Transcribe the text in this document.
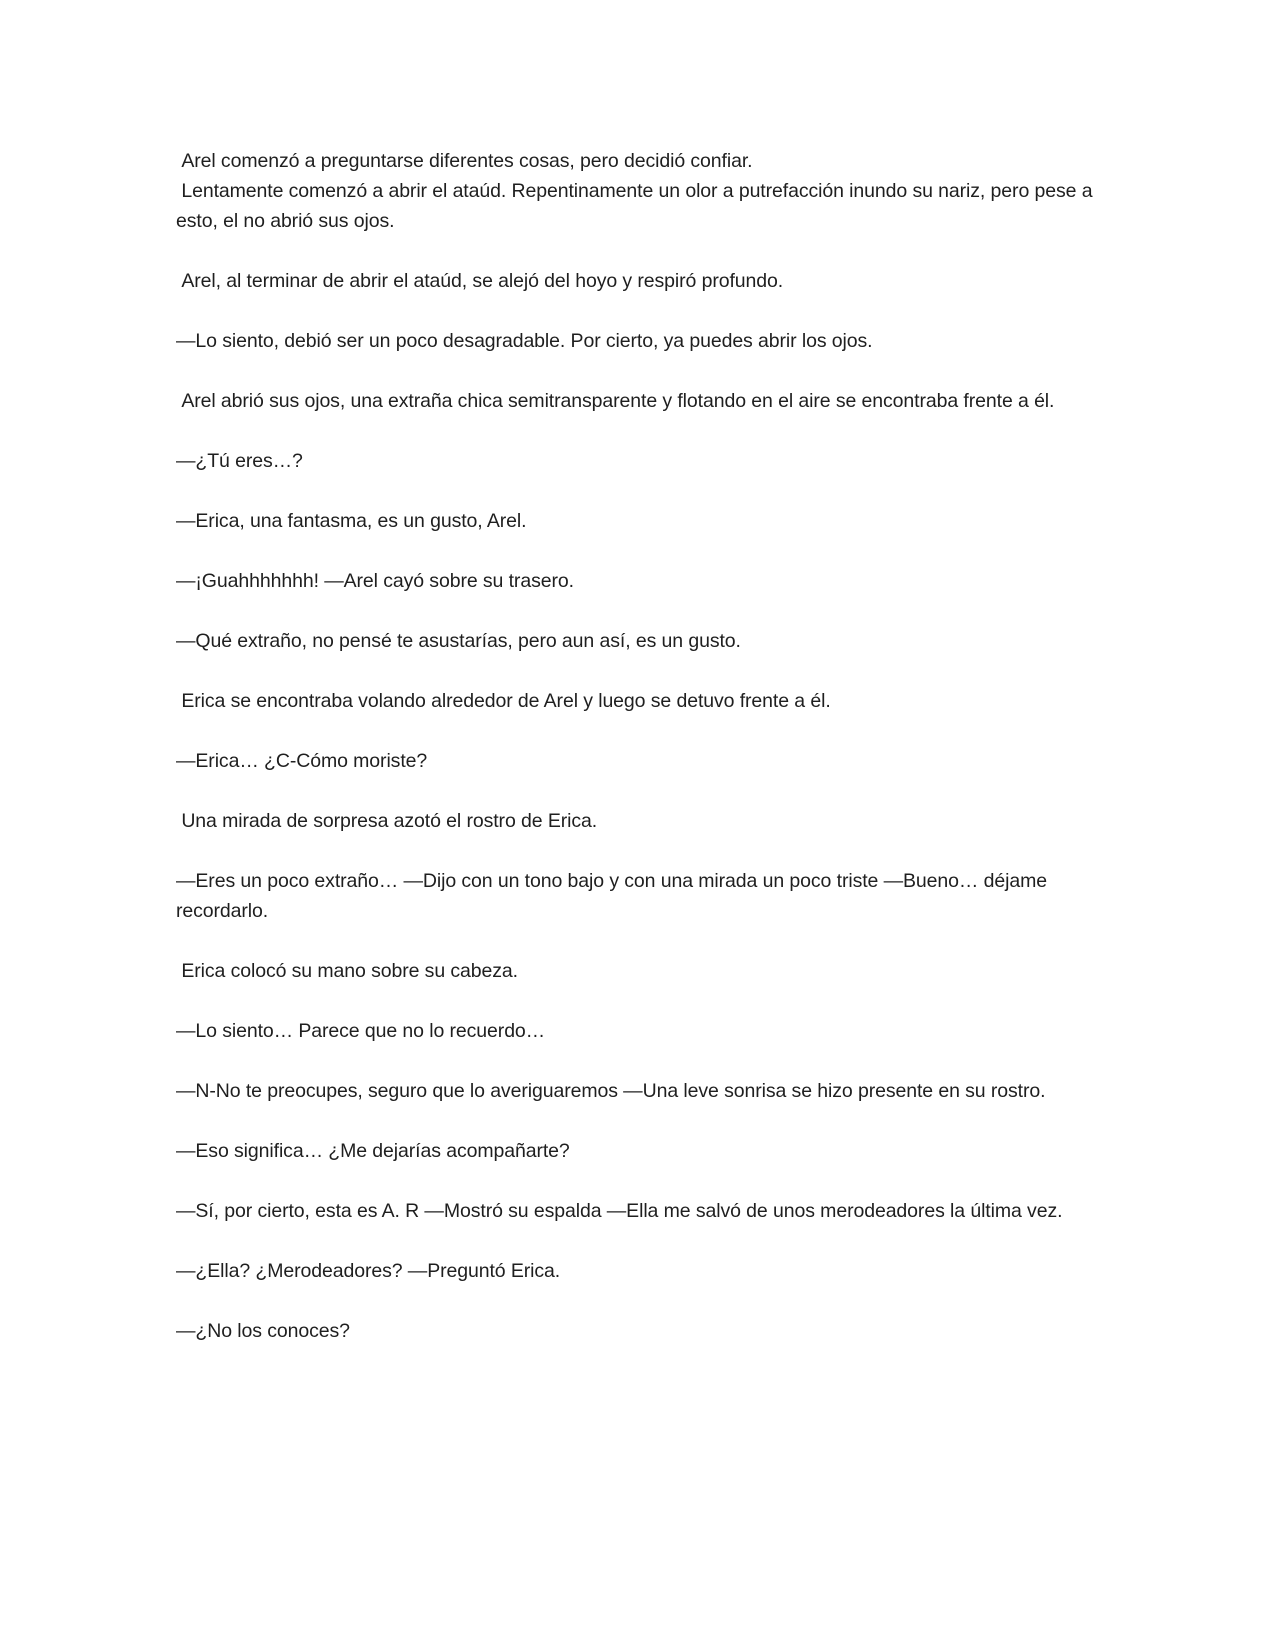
Arel comenzó a preguntarse diferentes cosas, pero decidió confiar.

Lentamente comenzó a abrir el ataúd. Repentinamente un olor a putrefacción inundo su nariz, pero pese a esto, el no abrió sus ojos.

Arel, al terminar de abrir el ataúd, se alejó del hoyo y respiró profundo.

—Lo siento, debió ser un poco desagradable. Por cierto, ya puedes abrir los ojos.

Arel abrió sus ojos, una extraña chica semitransparente y flotando en el aire se encontraba frente a él.

—¿Tú eres…?

—Erica, una fantasma, es un gusto, Arel.

—¡Guahhhhhhh! —Arel cayó sobre su trasero.

—Qué extraño, no pensé te asustarías, pero aun así, es un gusto.

Erica se encontraba volando alrededor de Arel y luego se detuvo frente a él.

—Erica… ¿C-Cómo moriste?

Una mirada de sorpresa azotó el rostro de Erica.

—Eres un poco extraño… —Dijo con un tono bajo y con una mirada un poco triste —Bueno… déjame recordarlo.

Erica colocó su mano sobre su cabeza.

—Lo siento… Parece que no lo recuerdo…

—N-No te preocupes, seguro que lo averiguaremos —Una leve sonrisa se hizo presente en su rostro.

—Eso significa… ¿Me dejarías acompañarte?

—Sí, por cierto, esta es A. R —Mostró su espalda —Ella me salvó de unos merodeadores la última vez.

—¿Ella? ¿Merodeadores? —Preguntó Erica.

—¿No los conoces?
